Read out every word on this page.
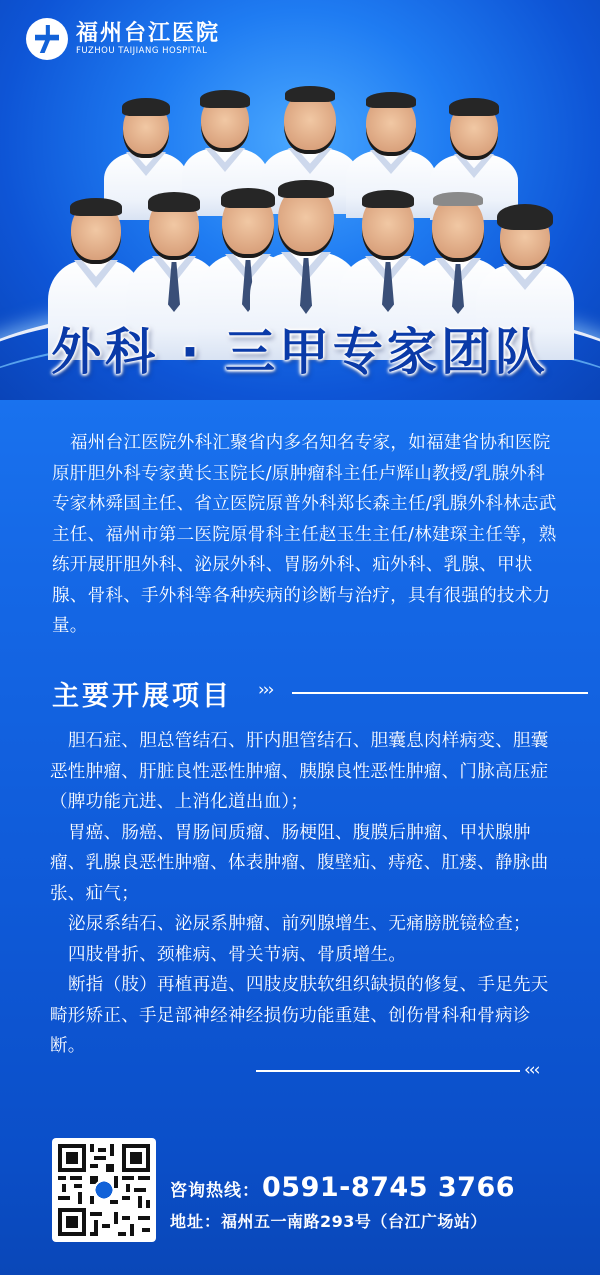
福州台江医院
FUZHOU TAIJIANG HOSPITAL
外科 · 三甲专家团队
福州台江医院外科汇聚省内多名知名专家，如福建省协和医院原肝胆外科专家黄长玉院长/原肿瘤科主任卢辉山教授/乳腺外科专家林舜国主任、省立医院原普外科郑长森主任/乳腺外科林志武主任、福州市第二医院原骨科主任赵玉生主任/林建琛主任等，熟练开展肝胆外科、泌尿外科、胃肠外科、疝外科、乳腺、甲状腺、骨科、手外科等各种疾病的诊断与治疗，具有很强的技术力量。
主要开展项目 ›››

胆石症、胆总管结石、肝内胆管结石、胆囊息肉样病变、胆囊恶性肿瘤、肝脏良性恶性肿瘤、胰腺良性恶性肿瘤、门脉高压症（脾功能亢进、上消化道出血）；

胃癌、肠癌、胃肠间质瘤、肠梗阻、腹膜后肿瘤、甲状腺肿瘤、乳腺良恶性肿瘤、体表肿瘤、腹壁疝、痔疮、肛瘘、静脉曲张、疝气；

泌尿系结石、泌尿系肿瘤、前列腺增生、无痛膀胱镜检查；

四肢骨折、颈椎病、骨关节病、骨质增生。

断指（肢）再植再造、四肢皮肤软组织缺损的修复、手足先天畸形矫正、手足部神经神经损伤功能重建、创伤骨科和骨病诊断。

‹‹‹
咨询热线： 0591-8745 3766
地址： 福州五一南路293号（台江广场站）
